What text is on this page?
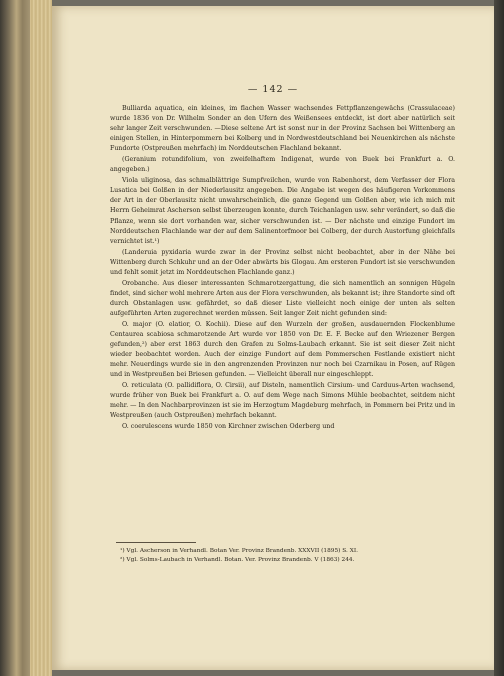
— 142 —

Bulliarda aquatica, ein kleines, im flachen Wasser wachsendes Fettpflanzengewächs (Crassulaceae) wurde 1836 von Dr. Wilhelm Sonder an den Ufern des Weißensees entdeckt, ist dort aber natürlich seit sehr langer Zeit verschwunden. —Diese seltene Art ist sonst nur in der Provinz Sachsen bei Wittenberg an einigen Stellen, in Hinterpommern bei Kolberg und in Nordwestdeutschland bei Neuenkirchen als nächste Fundorte (Ostpreußen mehrfach) im Norddeutschen Flachland bekannt.

(Geranium rotundifolium, von zweifelhaftem Indigenat, wurde von Buek bei Frankfurt a. O. angegeben.)

Viola uliginosa, das schmalblättrige Sumpfveilchen, wurde von Rabenhorst, dem Verfasser der Flora Lusatica bei Golßen in der Niederlausitz angegeben. Die Angabe ist wegen des häufigeren Vorkommens der Art in der Oberlausitz nicht unwahrscheinlich, die ganze Gegend um Golßen aber, wie ich mich mit Herrn Geheimrat Ascherson selbst überzeugen konnte, durch Teichanlagen usw. sehr verändert, so daß die Pflanze, wenn sie dort vorhanden war, sicher verschwunden ist. — Der nächste und einzige Fundort im Norddeutschen Flachlande war der auf dem Salinentorfmoor bei Colberg, der durch Austorfung gleichfalls vernichtet ist.¹)

(Landeruia pyxidaria wurde zwar in der Provinz selbst nicht beobachtet, aber in der Nähe bei Wittenberg durch Schkuhr und an der Oder abwärts bis Glogau. Am ersteren Fundort ist sie verschwunden und fehlt somit jetzt im Norddeutschen Flachlande ganz.)

Orobanche. Aus dieser interessanten Schmarotzergattung, die sich namentlich an sonnigen Hügeln findet, sind sicher wohl mehrere Arten aus der Flora verschwunden, als bekannt ist; ihre Standorte sind oft durch Obstanlagen usw. gefährdet, so daß dieser Liste vielleicht noch einige der unten als selten aufgeführten Arten zugerechnet werden müssen. Seit langer Zeit nicht gefunden sind:

O. major (O. elatior, O. Kochii). Diese auf den Wurzeln der großen, ausdauernden Flockenblume Centaurea scabiosa schmarotzende Art wurde vor 1850 von Dr. E. F. Becke auf den Wriezener Bergen gefunden,²) aber erst 1863 durch den Grafen zu Solms-Laubach erkannt. Sie ist seit dieser Zeit nicht wieder beobachtet worden. Auch der einzige Fundort auf dem Pommerschen Festlande existiert nicht mehr. Neuerdings wurde sie in den angrenzenden Provinzen nur noch bei Czarnikau in Posen, auf Rügen und in Westpreußen bei Briesen gefunden. — Vielleicht überall nur eingeschleppt.

O. reticulata (O. pallidiflora, O. Cirsii), auf Disteln, namentlich Cirsium- und Carduus-Arten wachsend, wurde früher von Buek bei Frankfurt a. O. auf dem Wege nach Simons Mühle beobachtet, seitdem nicht mehr. — In den Nachbarprovinzen ist sie im Herzogtum Magdeburg mehrfach, in Pommern bei Pritz und in Westpreußen (auch Ostpreußen) mehrfach bekannt.

O. coerulescens wurde 1850 von Kirchner zwischen Oderberg und

¹) Vgl. Ascherson in Verhandl. Botan Ver. Provinz Brandenb. XXXVII (1895) S. XI.
²) Vgl. Solms-Laubach in Verhandl. Botan. Ver. Provinz Brandenb. V (1863) 244.
